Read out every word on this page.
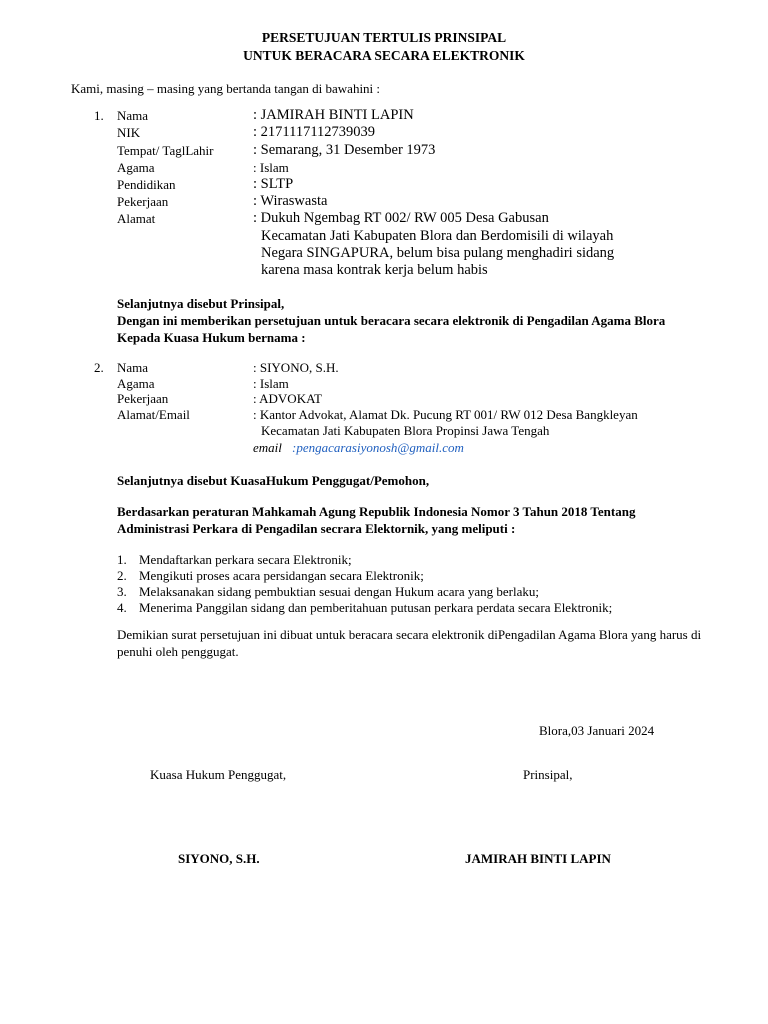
PERSETUJUAN TERTULIS PRINSIPAL
UNTUK BERACARA SECARA ELEKTRONIK
Kami, masing – masing yang bertanda tangan di bawahini :
1. Nama	: JAMIRAH BINTI LAPIN
NIK	: 2171117112739039
Tempat/ TaglLahir	: Semarang, 31 Desember 1973
Agama	: Islam
Pendidikan	: SLTP
Pekerjaan	: Wiraswasta
Alamat	: Dukuh Ngembag RT 002/ RW 005 Desa Gabusan
Kecamatan Jati Kabupaten Blora dan Berdomisili di wilayah
Negara SINGAPURA, belum bisa pulang menghadiri sidang
karena masa kontrak kerja belum habis
Selanjutnya disebut Prinsipal,
Dengan ini memberikan persetujuan untuk beracara secara elektronik di Pengadilan Agama Blora
Kepada Kuasa Hukum bernama :
2. Nama	: SIYONO, S.H.
Agama	: Islam
Pekerjaan	: ADVOKAT
Alamat/Email	: Kantor Advokat, Alamat Dk. Pucung RT 001/ RW 012 Desa Bangkleyan
Kecamatan Jati Kabupaten Blora Propinsi Jawa Tengah
email :pengacarasiyonosh@gmail.com
Selanjutnya disebut KuasaHukum Penggugat/Pemohon,
Berdasarkan peraturan Mahkamah Agung Republik Indonesia Nomor 3 Tahun 2018 Tentang
Administrasi Perkara di Pengadilan secrara Elektornik, yang meliputi :
1. Mendaftarkan perkara secara Elektronik;
2. Mengikuti proses acara persidangan secara Elektronik;
3. Melaksanakan sidang pembuktian sesuai dengan Hukum acara yang berlaku;
4. Menerima Panggilan sidang dan pemberitahuan putusan perkara perdata secara Elektronik;
Demikian surat persetujuan ini dibuat untuk beracara secara elektronik diPengadilan Agama Blora yang harus di penuhi oleh penggugat.
Blora,03 Januari 2024
Kuasa Hukum Penggugat,	Prinsipal,
SIYONO, S.H.	JAMIRAH BINTI LAPIN
